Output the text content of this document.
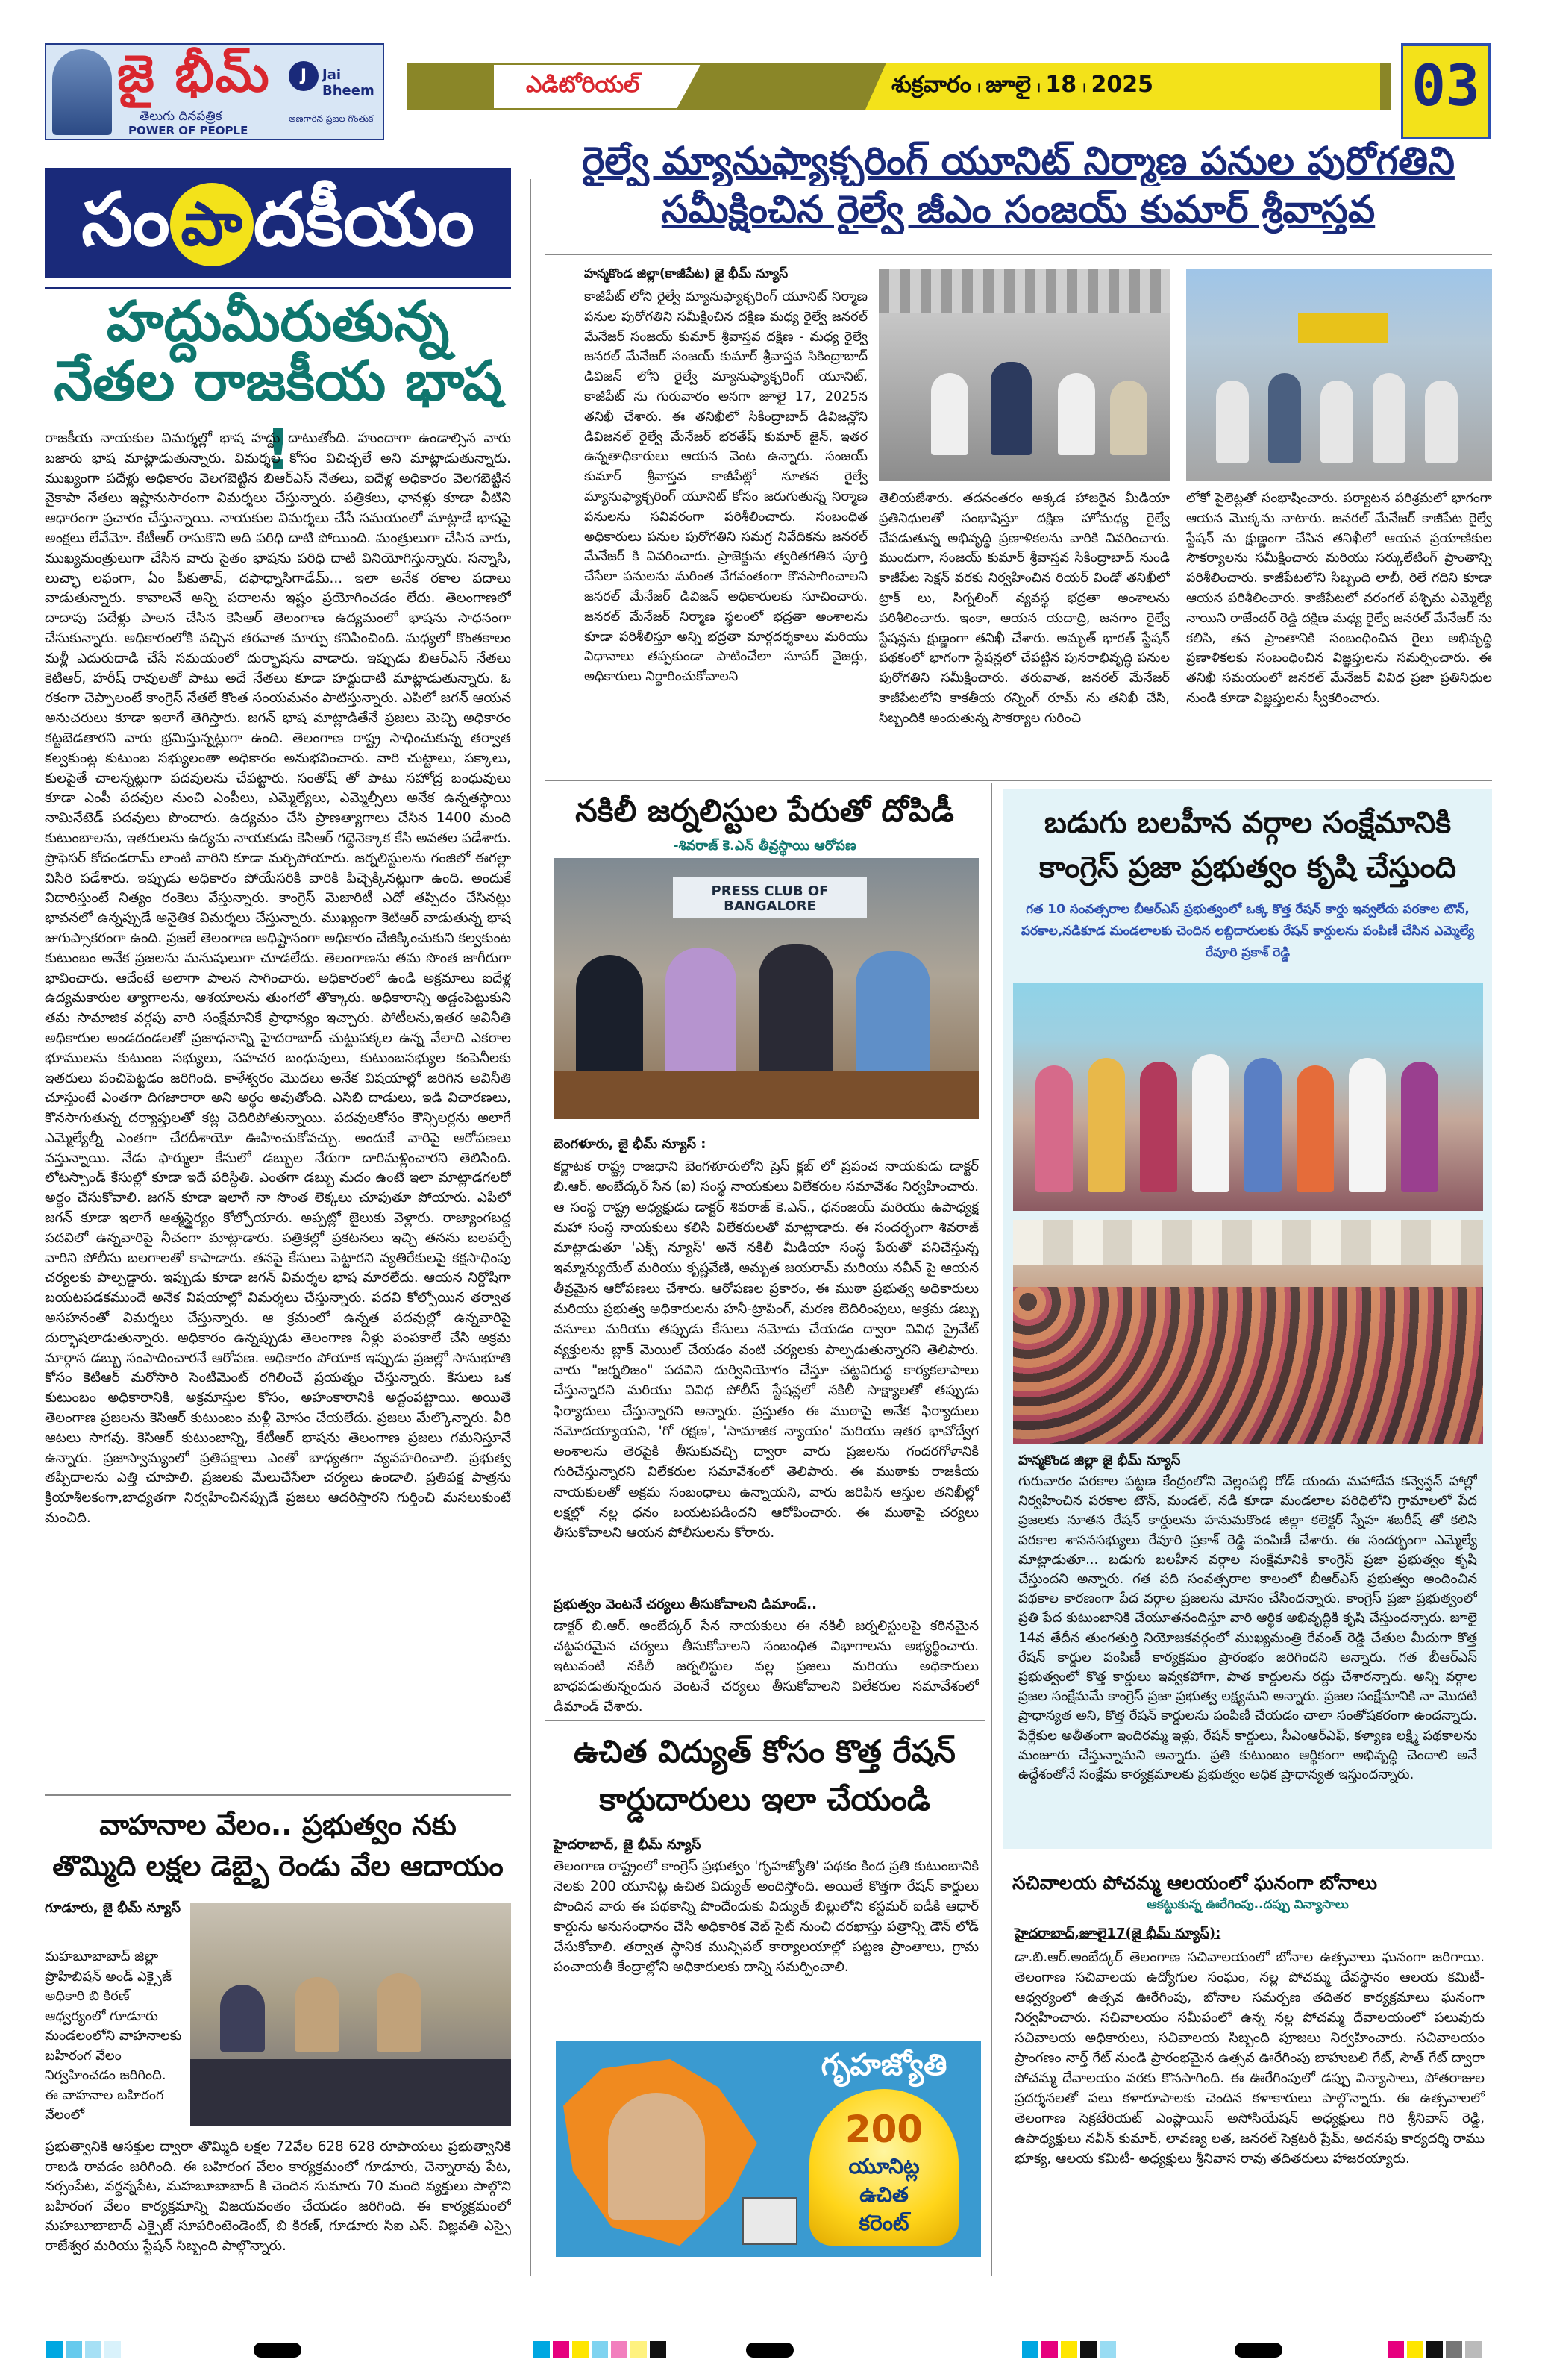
జై భీమ్
తెలుగు దినపత్రిక
POWER OF PEOPLE
J	Jai Bheem
అణగారిన ప్రజల గొంతుక
ఎడిటోరియల్	శుక్రవారం । జూలై । 18 । 2025	03
సం పా దకీయం
హద్దుమీరుతున్న
నేతల రాజకీయ భాష !
రాజకీయ నాయకుల విమర్శల్లో భాష హద్దు దాటుతోంది. హుందాగా ఉండాల్సిన వారు బజారు భాష మాట్లాడుతున్నారు. విమర్శల కోసం విచిచ్చలే అని మాట్లాడుతున్నారు. ముఖ్యంగా పదేళ్లు అధికారం వెలగబెట్టిన బిఆర్ఎస్ నేతలు, ఐదేళ్ల అధికారం వెలగబెట్టిన వైకాపా నేతలు ఇష్టానుసారంగా విమర్శలు చేస్తున్నారు. పత్రికలు, ఛానళ్లు కూడా వీటిని ఆధారంగా ప్రచారం చేస్తున్నాయి. నాయకుల విమర్శలు చేసే సమయంలో మాట్లాడే భాషపై అంక్షలు లేవేమో. కేటీఆర్ రాసుకొని అది పరిధి దాటి పోయింది. మంత్రులుగా చేసిన వారు, ముఖ్యమంత్రులుగా చేసిన వారు సైతం భాషను పరిధి దాటి వినియోగిస్తున్నారు. సన్నాసి, లుచ్ఛా లఫంగా, ఏం పీకుతావ్, దఫాధ్నాసిగాడేమ్... ఇలా అనేక రకాల పదాలు వాడుతున్నారు. కావాలనే అన్ని పదాలను ఇష్టం ప్రయోగించడం లేదు. తెలంగాణలో దాదాపు పదేళ్లు పాలన చేసిన కెసిఆర్ తెలంగాణ ఉద్యమంలో భాషను సాధనంగా చేసుకున్నారు. అధికారంలోకి వచ్చిన తరవాత మార్పు కనిపించింది. మధ్యలో కొంతకాలం మళ్లీ ఎదురుదాడి చేసే సమయంలో దుర్భాషను వాడారు. ఇప్పుడు బిఆర్ఎస్ నేతలు కెటిఆర్, హరీష్ రావులతో పాటు అదే నేతలు కూడా హద్దుదాటి మాట్లాడుతున్నారు. ఓ రకంగా చెప్పాలంటే కాంగ్రెస్ నేతలే కొంత సంయమనం పాటిస్తున్నారు. ఎపిలో జగన్ ఆయన అనుచరులు కూడా ఇలాగే తెగిస్తారు. జగన్ భాష మాట్లాడితేనే ప్రజలు మెచ్చి అధికారం కట్టబెడతారని వారు భ్రమిస్తున్నట్లుగా ఉంది. తెలంగాణ రాష్ట్ర సాధించుకున్న తర్వాత కల్వకుంట్ల కుటుంబ సభ్యులంతా అధికారం అనుభవించారు. వారి చుట్టాలు, పక్కాలు, కులపైతే చాలన్నట్లుగా పదవులను చేపట్టారు. సంతోష్ తో పాటు సహోద్ర బంధువులు కూడా ఎంపీ పదవుల నుంచి ఎంపీలు, ఎమ్మెల్యేలు, ఎమ్మెల్సీలు అనేక ఉన్నతస్థాయి నామినేటెడ్ పదవులు పొందారు. ఉద్యమం చేసి ప్రాణత్యాగాలు చేసిన 1400 మంది కుటుంబాలను, ఇతరులను ఉద్యమ నాయకుడు కెసిఆర్ గద్దెనెక్కాక కేసి అవతల పడేశారు. ప్రొఫెసర్ కోదండరామ్ లాంటి వారిని కూడా మర్చిపోయారు. జర్నలిస్టులను గంజిలో ఈగల్లా విసిరి పడేశారు. ఇప్పుడు అధికారం పోయేసరికి వారికి పిచ్చెక్కినట్లుగా ఉంది. అందుకే విదారిస్తుంటే నిత్యం రంకెలు వేస్తున్నారు. కాంగ్రెస్ మెజారిటీ ఎదో తప్పిదం చేసినట్లు భావనలో ఉన్నప్పుడే అనైతిక విమర్శలు చేస్తున్నారు. ముఖ్యంగా కెటిఆర్ వాడుతున్న భాష జుగుప్సాకరంగా ఉంది. ప్రజలే తెలంగాణ అధిష్టానంగా అధికారం చేజిక్కించుకుని కల్వకుంట కుటుంబం అనేక ప్రజలను మనుషులుగా చూడలేదు. తెలంగాణను తమ సొంత జాగీరుగా భావించారు. ఆదేంటే అలాగా పాలన సాగించారు. అధికారంలో ఉండి అక్రమాలు ఐదేళ్ల ఉద్యమకారుల త్యాగాలను, ఆశయాలను తుంగలో తొక్కారు. అధికారాన్ని అడ్డంపెట్టుకుని తమ సామాజిక వర్గపు వారి సంక్షేమానికే ప్రాధాన్యం ఇచ్చారు. పోటీలను,ఇతర అవినీతి అధికారుల అండదండలతో ప్రజాధనాన్ని హైదరాబాద్ చుట్టుపక్కల ఉన్న వేలాది ఎకరాల భూములను కుటుంబ సభ్యులు, సహచర బంధువులు, కుటుంబసభ్యుల కంపెనీలకు ఇతరులు పంచిపెట్టడం జరిగింది. కాళేశ్వరం మొదలు అనేక విషయాల్లో జరిగిన అవినీతి చూస్తుంటే ఎంతగా దిగజారారా అని అర్థం అవుతోంది. ఎసిబి దాడులు, ఇడి విచారణలు, కొనసాగుతున్న దర్యాప్తులతో కట్ల చెదిరిపోతున్నాయి. పదవులకోసం కౌన్సిలర్లను అలాగే ఎమ్మెల్యేల్నీ ఎంతగా చేరదీశాయో ఊహించుకోవచ్చు. అందుకే వారిపై ఆరోపణలు వస్తున్నాయి. నేడు ఫార్ములా కేసులో డబ్బుల నేరుగా దారిమళ్లించారని తెలిసింది. లోటస్పాండ్ కేసుల్లో కూడా ఇదే పరిస్థితి. ఎంతగా డబ్బు మదం ఉంటే ఇలా మాట్లాడగలరో అర్థం చేసుకోవాలి. జగన్ కూడా ఇలాగే నా సొంత లెక్కలు చూపుతూ పోయారు. ఎపిలో జగన్ కూడా ఇలాగే ఆత్మస్థైర్యం కోల్పోయారు. అప్పట్లో జైలుకు వెళ్లారు. రాజ్యాంగబద్ద పదవిలో ఉన్నవారిపై నీచంగా మాట్లాడారు. పత్రికల్లో ప్రకటనలు ఇచ్చి తనను బలపర్చే వారిని పోలీసు బలగాలతో కాపాడారు. తనపై కేసులు పెట్టారని వ్యతిరేకులపై కక్షసాధింపు చర్యలకు పాల్పడ్డారు. ఇప్పుడు కూడా జగన్ విమర్శల భాష మారలేదు. ఆయన నిర్దోషిగా బయటపడకముందే అనేక విషయాల్లో విమర్శలు చేస్తున్నారు. పదవి కోల్పోయిన తర్వాత అసహనంతో విమర్శలు చేస్తున్నారు. ఆ క్రమంలో ఉన్నత పదవుల్లో ఉన్నవారిపై దుర్భాషలాడుతున్నారు. అధికారం ఉన్నప్పుడు తెలంగాణ నీళ్లు పంపకాలే చేసి అక్రమ మార్గాన డబ్బు సంపాదించారనే ఆరోపణ. అధికారం పోయాక ఇప్పుడు ప్రజల్లో సానుభూతి కోసం కెటిఆర్ మరోసారి సెంటిమెంట్ రగిలించే ప్రయత్నం చేస్తున్నారు. కేసులు ఒక కుటుంబం అధికారానికి, అక్రమాస్తుల కోసం, అహంకారానికి అద్దంపట్టాయి. అయితే తెలంగాణ ప్రజలను కెసిఆర్ కుటుంబం మళ్లీ మోసం చేయలేదు. ప్రజలు మేల్కొన్నారు. వీరి ఆటలు సాగవు. కెసిఆర్ కుటుంబాన్ని, కేటీఆర్ భాషను తెలంగాణ ప్రజలు గమనిస్తూనే ఉన్నారు. ప్రజాస్వామ్యంలో ప్రతిపక్షాలు ఎంతో బాధ్యతగా వ్యవహరించాలి. ప్రభుత్వ తప్పిదాలను ఎత్తి చూపాలి. ప్రజలకు మేలుచేసేలా చర్యలు ఉండాలి. ప్రతిపక్ష పాత్రను క్రియాశీలకంగా,బాధ్యతగా నిర్వహించినప్పుడే ప్రజలు ఆదరిస్తారని గుర్తించి మసలుకుంటే మంచిది.
వాహనాల వేలం.. ప్రభుత్వం నకు
తొమ్మిది లక్షల డెబ్బై రెండు వేల ఆదాయం
గూడూరు, జై భీమ్ న్యూస్
మహబూబాబాద్ జిల్లా ప్రొహిబిషన్ అండ్ ఎక్సైజ్ అధికారి బి కిరణ్ ఆధ్వర్యంలో గూడూరు మండలంలోని వాహనాలకు బహిరంగ వేలం నిర్వహించడం జరిగింది. ఈ వాహనాల బహిరంగ వేలంలో
ప్రభుత్వానికి ఆసక్తుల ద్వారా తొమ్మిది లక్షల 72వేల 628 628 రూపాయలు ప్రభుత్వానికి రాబడి రావడం జరిగింది. ఈ బహిరంగ వేలం కార్యక్రమంలో గూడూరు, చెన్నారావు పేట, నర్సంపేట, వర్ధన్నపేట, మహబూబాబాద్ కి చెందిన సుమారు 70 మంది వ్యక్తులు పాల్గొని బహిరంగ వేలం కార్యక్రమాన్ని విజయవంతం చేయడం జరిగింది. ఈ కార్యక్రమంలో మహబూబాబాద్ ఎక్సైజ్ సూపరింటెండెంట్, బి కిరణ్, గూడూరు సిఐ ఎస్. విజ్ఞవతి ఎస్సై రాజేశ్వర మరియు స్టేషన్ సిబ్బంది పాల్గొన్నారు.
రైల్వే మ్యానుఫ్యాక్చరింగ్ యూనిట్ నిర్మాణ పనుల పురోగతిని
సమీక్షించిన రైల్వే జీఎం సంజయ్ కుమార్ శ్రీవాస్తవ
హన్మకొండ జిల్లా(కాజీపేట) జై భీమ్ న్యూస్
కాజీపేట్ లోని రైల్వే మ్యానుఫ్యాక్చరింగ్ యూనిట్ నిర్మాణ పనుల పురోగతిని సమీక్షించిన దక్షిణ మధ్య రైల్వే జనరల్ మేనేజర్ సంజయ్ కుమార్ శ్రీవాస్తవ దక్షిణ - మధ్య రైల్వే జనరల్ మేనేజర్ సంజయ్ కుమార్ శ్రీవాస్తవ సికింద్రాబాద్ డివిజన్ లోని రైల్వే మ్యానుఫ్యాక్చరింగ్ యూనిట్, కాజీపేట్ ను గురువారం అనగా జూలై 17, 2025న తనిఖీ చేశారు. ఈ తనిఖీలో సికింద్రాబాద్ డివిజన్లోని డివిజనల్ రైల్వే మేనేజర్ భరతేష్ కుమార్ జైన్, ఇతర ఉన్నతాధికారులు ఆయన వెంట ఉన్నారు. సంజయ్ కుమార్ శ్రీవాస్తవ కాజీపేట్లో నూతన రైల్వే మ్యానుఫ్యాక్చరింగ్ యూనిట్ కోసం జరుగుతున్న నిర్మాణ పనులను సవివరంగా పరిశీలించారు. సంబంధిత అధికారులు పనుల పురోగతిని సమగ్ర నివేదికను జనరల్ మేనేజర్ కి వివరించారు. ప్రాజెక్టును త్వరితగతిన పూర్తి చేసేలా పనులను మరింత వేగవంతంగా కొనసాగించాలని జనరల్ మేనేజర్ డివిజన్ అధికారులకు సూచించారు. జనరల్ మేనేజర్ నిర్మాణ స్థలంలో భద్రతా అంశాలను కూడా పరిశీలిస్తూ అన్ని భద్రతా మార్గదర్శకాలు మరియు విధానాలు తప్పకుండా పాటించేలా సూపర్ వైజర్లు, అధికారులు నిర్ధారించుకోవాలని
తెలియజేశారు. తదనంతరం అక్కడ హాజరైన మీడియా ప్రతినిధులతో సంభాషిస్తూ దక్షిణ హోమధ్య రైల్వే చేపడుతున్న అభివృద్ధి ప్రణాళికలను వారికి వివరించారు. ముందుగా, సంజయ్ కుమార్ శ్రీవాస్తవ సికింద్రాబాద్ నుండి కాజీపేట సెక్షన్ వరకు నిర్వహించిన రియర్ విండో తనిఖీలో ట్రాక్ లు, సిగ్నలింగ్ వ్యవస్థ భద్రతా అంశాలను పరిశీలించారు. ఇంకా, ఆయన యదాద్రి, జనగాం రైల్వే స్టేషన్లను క్షుణ్ణంగా తనిఖీ చేశారు. అమృత్ భారత్ స్టేషన్ పథకంలో భాగంగా స్టేషన్లలో చేపట్టిన పునరాభివృద్ధి పనుల పురోగతిని సమీక్షించారు. తరువాత, జనరల్ మేనేజర్ కాజీపేటలోని కాకతీయ రన్నింగ్ రూమ్ ను తనిఖీ చేసి, సిబ్బందికి అందుతున్న సౌకర్యాల గురించి
లోకో పైలెట్లతో సంభాషించారు. పర్యాటన పరిశ్రమలో భాగంగా ఆయన మొక్కను నాటారు. జనరల్ మేనేజర్ కాజీపేట రైల్వే స్టేషన్ ను క్షుణ్ణంగా చేసిన తనిఖీలో ఆయన ప్రయాణికుల సౌకర్యాలను సమీక్షించారు మరియు సర్కులేటింగ్ ప్రాంతాన్ని పరిశీలించారు. కాజీపేటలోని సిబ్బంది లాబీ, రిలే గదిని కూడా ఆయన పరిశీలించారు. కాజీపేటలో వరంగల్ పశ్చిమ ఎమ్మెల్యే నాయిని రాజేందర్ రెడ్డి దక్షిణ మధ్య రైల్వే జనరల్ మేనేజర్ ను కలిసి, తన ప్రాంతానికి సంబంధించిన రైలు అభివృద్ధి ప్రణాళికలకు సంబంధించిన విజ్ఞప్తులను సమర్పించారు. ఈ తనిఖీ సమయంలో జనరల్ మేనేజర్ వివిధ ప్రజా ప్రతినిధుల నుండి కూడా విజ్ఞప్తులను స్వీకరించారు.
నకిలీ జర్నలిస్టుల పేరుతో దోపిడీ
-శివరాజ్ కె.ఎన్ తీవ్రస్థాయి ఆరోపణ
PRESS CLUB OF BANGALORE
బెంగళూరు, జై భీమ్ న్యూస్ :
కర్ణాటక రాష్ట్ర రాజధాని బెంగళూరులోని ప్రెస్ క్లబ్ లో ప్రపంచ నాయకుడు డాక్టర్ బి.ఆర్. అంబేద్కర్ సేన (ఐ) సంస్థ నాయకులు విలేకరుల సమావేశం నిర్వహించారు. ఆ సంస్థ రాష్ట్ర అధ్యక్షుడు డాక్టర్ శివరాజ్ కె.ఎన్., ధనంజయ్ మరియు ఉపాధ్యక్ష మహా సంస్థ నాయకులు కలిసి విలేకరులతో మాట్లాడారు. ఈ సందర్భంగా శివరాజ్ మాట్లాడుతూ 'ఎక్స్ న్యూస్' అనే నకిలీ మీడియా సంస్థ పేరుతో పనిచేస్తున్న ఇమ్మాన్యుయేల్ మరియు కృష్ణవేణి, అమృత జయరామ్ మరియు నవీన్ పై ఆయన తీవ్రమైన ఆరోపణలు చేశారు. ఆరోపణల ప్రకారం, ఈ ముఠా ప్రభుత్వ అధికారులు మరియు ప్రభుత్వ అధికారులను హనీ-ట్రాపింగ్, మరణ బెదిరింపులు, అక్రమ డబ్బు వసూలు మరియు తప్పుడు కేసులు నమోదు చేయడం ద్వారా వివిధ ప్రైవేట్ వ్యక్తులను బ్లాక్ మెయిల్ చేయడం వంటి చర్యలకు పాల్పడుతున్నారని తెలిపారు. వారు "జర్నలిజం" పదవిని దుర్వినియోగం చేస్తూ చట్టవిరుద్ధ కార్యకలాపాలు చేస్తున్నారని మరియు వివిధ పోలీస్ స్టేషన్లలో నకిలీ సాక్ష్యాలతో తప్పుడు ఫిర్యాదులు చేస్తున్నారని అన్నారు. ప్రస్తుతం ఈ ముఠాపై అనేక ఫిర్యాదులు నమోదయ్యాయని, 'గో రక్షణ', 'సామాజిక న్యాయం' మరియు ఇతర భావోద్వేగ అంశాలను తెరపైకి తీసుకువచ్చి ద్వారా వారు ప్రజలను గందరగోళానికి గురిచేస్తున్నారని విలేకరుల సమావేశంలో తెలిపారు. ఈ ముఠాకు రాజకీయ నాయకులతో అక్రమ సంబంధాలు ఉన్నాయని, వారు జరిపిన ఆస్తుల తనిఖీల్లో లక్షల్లో నల్ల ధనం బయటపడిందని ఆరోపించారు. ఈ ముఠాపై చర్యలు తీసుకోవాలని ఆయన పోలీసులను కోరారు.
ప్రభుత్వం వెంటనే చర్యలు తీసుకోవాలని డిమాండ్..
డాక్టర్ బి.ఆర్. అంబేద్కర్ సేన నాయకులు ఈ నకిలీ జర్నలిస్టులపై కఠినమైన చట్టపరమైన చర్యలు తీసుకోవాలని సంబంధిత విభాగాలను అభ్యర్థించారు. ఇటువంటి నకిలీ జర్నలిస్టుల వల్ల ప్రజలు మరియు అధికారులు బాధపడుతున్నందున వెంటనే చర్యలు తీసుకోవాలని విలేకరుల సమావేశంలో డిమాండ్ చేశారు.
ఉచిత విద్యుత్ కోసం కొత్త రేషన్
కార్డుదారులు ఇలా చేయండి
హైదరాబాద్, జై భీమ్ న్యూస్
తెలంగాణ రాష్ట్రంలో కాంగ్రెస్ ప్రభుత్వం 'గృహజ్యోతి' పథకం కింద ప్రతి కుటుంబానికి నెలకు 200 యూనిట్ల ఉచిత విద్యుత్ అందిస్తోంది. అయితే కొత్తగా రేషన్ కార్డులు పొందిన వారు ఈ పథకాన్ని పొందేందుకు విద్యుత్ బిల్లులోని కస్టమర్ ఐడీకి ఆధార్ కార్డును అనుసంధానం చేసి అధికారిక వెబ్ సైట్ నుంచి దరఖాస్తు పత్రాన్ని డౌన్ లోడ్ చేసుకోవాలి. తర్వాత స్థానిక మున్సిపల్ కార్యాలయాల్లో పట్టణ ప్రాంతాలు, గ్రామ పంచాయతీ కేంద్రాల్లోని అధికారులకు దాన్ని సమర్పించాలి.
గృహజ్యోతి
200
యూనిట్ల
ఉచిత
కరెంట్
బడుగు బలహీన వర్గాల సంక్షేమానికి
కాంగ్రెస్ ప్రజా ప్రభుత్వం కృషి చేస్తుంది
గత 10 సంవత్సరాల బీఆర్ఎస్ ప్రభుత్వంలో ఒక్క కొత్త రేషన్ కార్డు ఇవ్వలేదు పరకాల టౌన్, పరకాల,నడికూడ మండలాలకు చెందిన లబ్దిదారులకు రేషన్ కార్డులను పంపిణీ చేసిన ఎమ్మెల్యే రేవూరి ప్రకాశ్ రెడ్డి
హన్మకొండ జిల్లా జై భీమ్ న్యూస్
గురువారం పరకాల పట్టణ కేంద్రంలోని వెల్లంపల్లి రోడ్ యందు మహాదేవ కన్వెన్షన్ హాల్లో నిర్వహించిన పరకాల టౌన్, మండల్, నడి కూడా మండలాల పరిధిలోని గ్రామాలలో పేద ప్రజలకు నూతన రేషన్ కార్డులను హనుమకొండ జిల్లా కలెక్టర్ స్నేహ శబరీష్ తో కలిసి పరకాల శాసనసభ్యులు రేవూరి ప్రకాశ్ రెడ్డి పంపిణీ చేశారు. ఈ సందర్భంగా ఎమ్మెల్యే మాట్లాడుతూ... బడుగు బలహీన వర్గాల సంక్షేమానికి కాంగ్రెస్ ప్రజా ప్రభుత్వం కృషి చేస్తుందని అన్నారు. గత పది సంవత్సరాల కాలంలో బీఆర్ఎస్ ప్రభుత్వం అందించిన పథకాల కారణంగా పేద వర్గాల ప్రజలను మోసం చేసిందన్నారు. కాంగ్రెస్ ప్రజా ప్రభుత్వంలో ప్రతి పేద కుటుంబానికి చేయూతనందిస్తూ వారి ఆర్థిక అభివృద్ధికి కృషి చేస్తుందన్నారు. జూలై 14వ తేదీన తుంగతుర్తి నియోజకవర్గంలో ముఖ్యమంత్రి రేవంత్ రెడ్డి చేతుల మీదుగా కొత్త రేషన్ కార్డుల పంపిణీ కార్యక్రమం ప్రారంభం జరిగిందని అన్నారు. గత బీఆర్ఎస్ ప్రభుత్వంలో కొత్త కార్డులు ఇవ్వకపోగా, పాత కార్డులను రద్దు చేశారన్నారు. అన్ని వర్గాల ప్రజల సంక్షేమమే కాంగ్రెస్ ప్రజా ప్రభుత్వ లక్ష్యమని అన్నారు. ప్రజల సంక్షేమానికి నా మొదటి ప్రాధాన్యత అని, కొత్త రేషన్ కార్డులను పంపిణీ చేయడం చాలా సంతోషకరంగా ఉందన్నారు. పేర్లేకుల అతీతంగా ఇందిరమ్మ ఇళ్లు, రేషన్ కార్డులు, సీఎంఆర్ఎఫ్, కళ్యాణ లక్ష్మి పథకాలను మంజూరు చేస్తున్నామని అన్నారు. ప్రతి కుటుంబం ఆర్థికంగా అభివృద్ధి చెందాలి అనే ఉద్దేశంతోనే సంక్షేమ కార్యక్రమాలకు ప్రభుత్వం అధిక ప్రాధాన్యత ఇస్తుందన్నారు.
సచివాలయ పోచమ్మ ఆలయంలో ఘనంగా బోనాలు
ఆకట్టుకున్న ఊరేగింపు..దప్పు విన్యాసాలు
హైదరాబాద్,జూలై17(జై భీమ్ న్యూస్):
డా.బి.ఆర్.అంబేద్కర్ తెలంగాణ సచివాలయంలో బోనాల ఉత్సవాలు ఘనంగా జరిగాయి. తెలంగాణ సచివాలయ ఉద్యోగుల సంఘం, నల్ల పోచమ్మ దేవస్థానం ఆలయ కమిటీ- ఆధ్వర్యంలో ఉత్సవ ఊరేగింపు, బోనాల సమర్పణ తదితర కార్యక్రమాలు ఘనంగా నిర్వహించారు. సచివాలయం సమీపంలో ఉన్న నల్ల పోచమ్మ దేవాలయంలో పలువురు సచివాలయ అధికారులు, సచివాలయ సిబ్బంది పూజలు నిర్వహించారు. సచివాలయం ప్రాంగణం నార్త్ గేట్ నుండి ప్రారంభమైన ఉత్సవ ఊరేగింపు బాహుబలి గేట్, సౌత్ గేట్ ద్వారా పోచమ్మ దేవాలయం వరకు కొనసాగింది. ఈ ఊరేగింపులో డప్పు విన్యాసాలు, పోతరాజుల ప్రదర్శనలతో పలు కళారూపాలకు చెందిన కళాకారులు పాల్గొన్నారు. ఈ ఉత్సవాలలో తెలంగాణ సెక్రటేరియట్ ఎంప్లాయిస్ అసోసియేషన్ అధ్యక్షులు గిరి శ్రీనివాస్ రెడ్డి, ఉపాధ్యక్షులు నవీన్ కుమార్, లావణ్య లత, జనరల్ సెక్రటరీ ప్రేమ్, అదనపు కార్యదర్శి రాము భూక్య, ఆలయ కమిటీ- అధ్యక్షులు శ్రీనివాస రావు తదితరులు హాజరయ్యారు.
